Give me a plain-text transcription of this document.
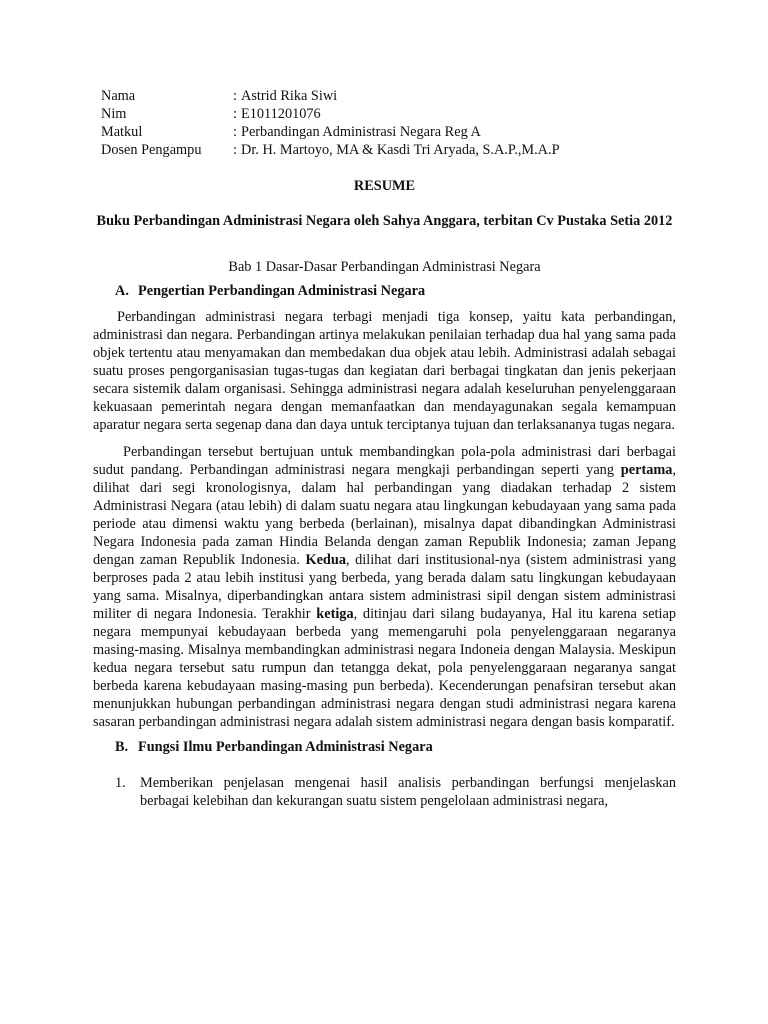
Nama	: Astrid Rika Siwi
Nim	: E1011201076
Matkul	: Perbandingan Administrasi Negara Reg A
Dosen Pengampu	: Dr. H. Martoyo, MA & Kasdi Tri Aryada, S.A.P.,M.A.P
RESUME
Buku Perbandingan Administrasi Negara oleh Sahya Anggara, terbitan Cv Pustaka Setia 2012
Bab 1 Dasar-Dasar Perbandingan Administrasi Negara
A. Pengertian Perbandingan Administrasi Negara

Perbandingan administrasi negara terbagi menjadi tiga konsep, yaitu kata perbandingan, administrasi dan negara. Perbandingan artinya melakukan penilaian terhadap dua hal yang sama pada objek tertentu atau menyamakan dan membedakan dua objek atau lebih. Administrasi adalah sebagai suatu proses pengorganisasian tugas-tugas dan kegiatan dari berbagai tingkatan dan jenis pekerjaan secara sistemik dalam organisasi. Sehingga administrasi negara adalah keseluruhan penyelenggaraan kekuasaan pemerintah negara dengan memanfaatkan dan mendayagunakan segala kemampuan aparatur negara serta segenap dana dan daya untuk terciptanya tujuan dan terlaksananya tugas negara.

Perbandingan tersebut bertujuan untuk membandingkan pola-pola administrasi dari berbagai sudut pandang. Perbandingan administrasi negara mengkaji perbandingan seperti yang pertama, dilihat dari segi kronologisnya, dalam hal perbandingan yang diadakan terhadap 2 sistem Administrasi Negara (atau lebih) di dalam suatu negara atau lingkungan kebudayaan yang sama pada periode atau dimensi waktu yang berbeda (berlainan), misalnya dapat dibandingkan Administrasi Negara Indonesia pada zaman Hindia Belanda dengan zaman Republik Indonesia; zaman Jepang dengan zaman Republik Indonesia. Kedua, dilihat dari institusional-nya (sistem administrasi yang berproses pada 2 atau lebih institusi yang berbeda, yang berada dalam satu lingkungan kebudayaan yang sama. Misalnya, diperbandingkan antara sistem administrasi sipil dengan sistem administrasi militer di negara Indonesia. Terakhir ketiga, ditinjau dari silang budayanya, Hal itu karena setiap negara mempunyai kebudayaan berbeda yang memengaruhi pola penyelenggaraan negaranya masing-masing. Misalnya membandingkan administrasi negara Indoneia dengan Malaysia. Meskipun kedua negara tersebut satu rumpun dan tetangga dekat, pola penyelenggaraan negaranya sangat berbeda karena kebudayaan masing-masing pun berbeda). Kecenderungan penafsiran tersebut akan menunjukkan hubungan perbandingan administrasi negara dengan studi administrasi negara karena sasaran perbandingan administrasi negara adalah sistem administrasi negara dengan basis komparatif.

B. Fungsi Ilmu Perbandingan Administrasi Negara
1. Memberikan penjelasan mengenai hasil analisis perbandingan berfungsi menjelaskan berbagai kelebihan dan kekurangan suatu sistem pengelolaan administrasi negara,
